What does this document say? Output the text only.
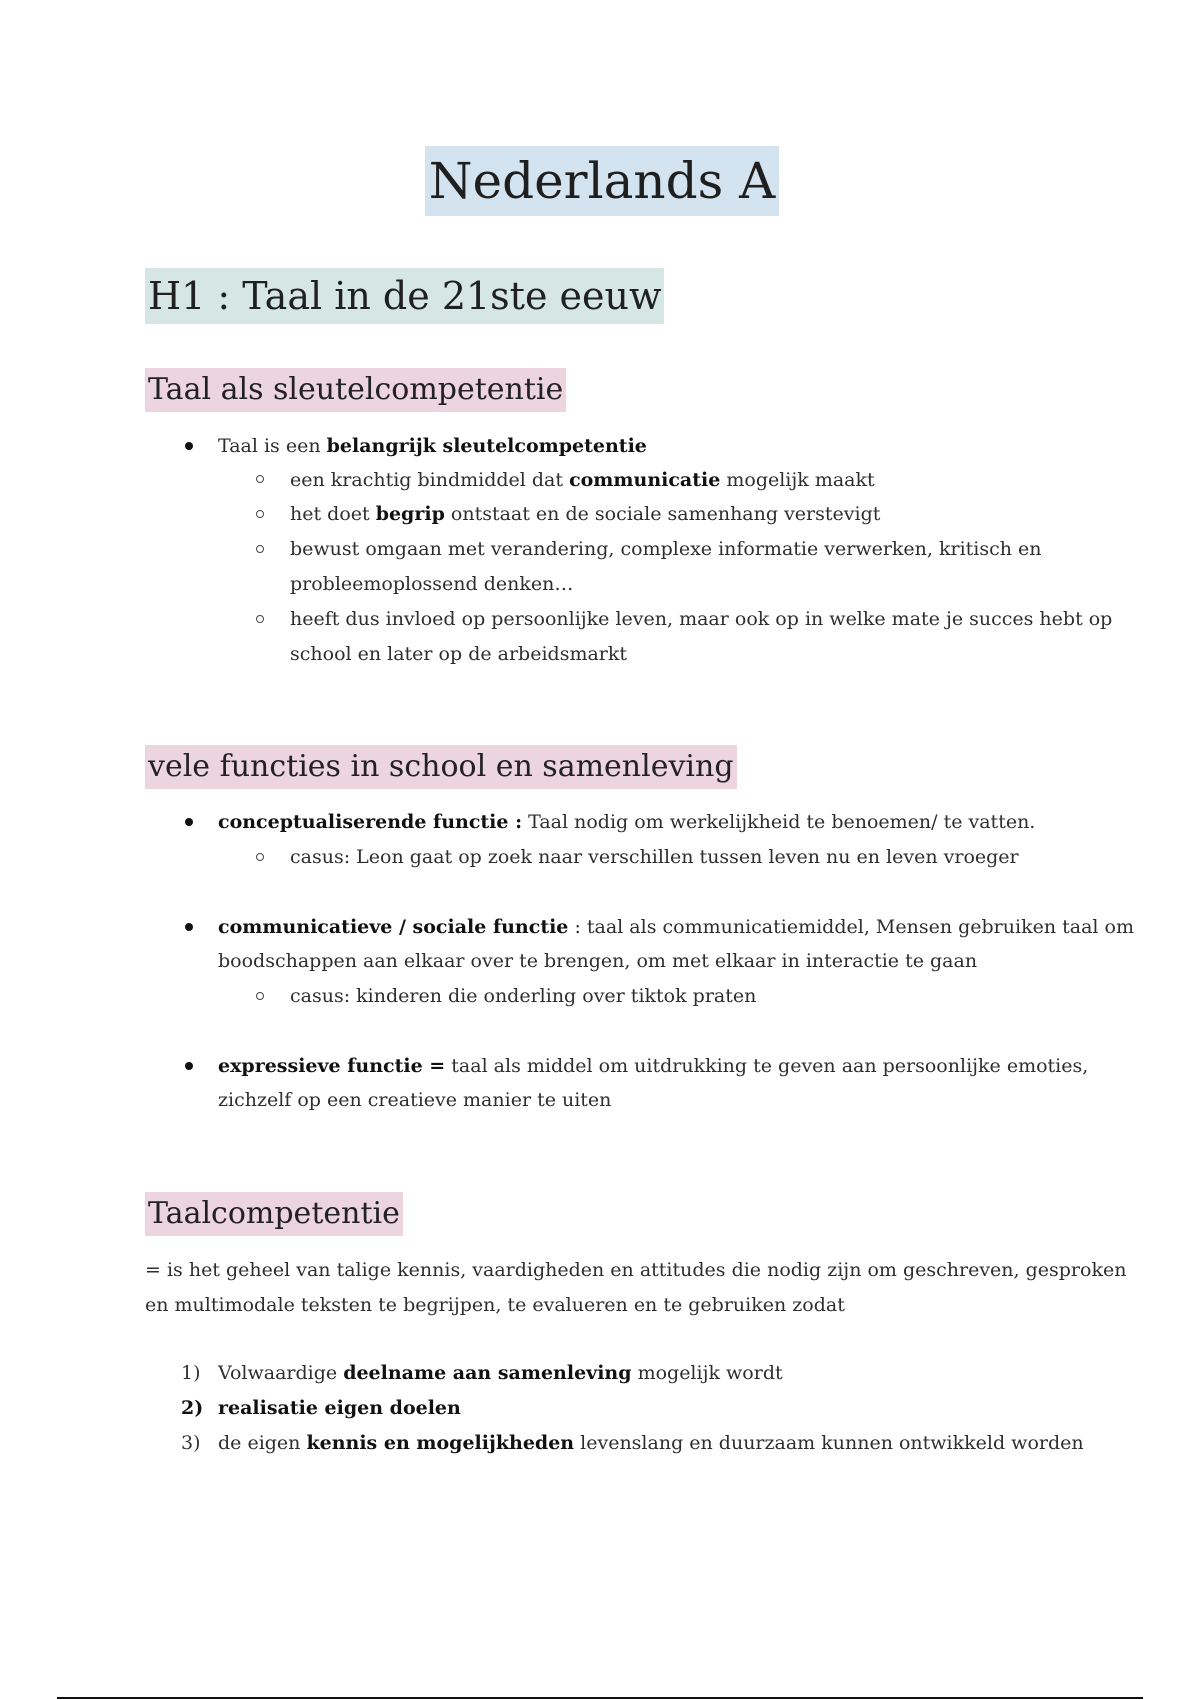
Nederlands A
H1 : Taal in de 21ste eeuw
Taal als sleutelcompetentie
Taal is een belangrijk sleutelcompetentie
een krachtig bindmiddel dat communicatie mogelijk maakt
het doet begrip ontstaat en de sociale samenhang verstevigt
bewust omgaan met verandering, complexe informatie verwerken, kritisch en
probleemoplossend denken…
heeft dus invloed op persoonlijke leven, maar ook op in welke mate je succes hebt op
school en later op de arbeidsmarkt
vele functies in school en samenleving
conceptualiserende functie : Taal nodig om werkelijkheid te benoemen/ te vatten.
casus: Leon gaat op zoek naar verschillen tussen leven nu en leven vroeger
communicatieve / sociale functie : taal als communicatiemiddel, Mensen gebruiken taal om
boodschappen aan elkaar over te brengen, om met elkaar in interactie te gaan
casus: kinderen die onderling over tiktok praten
expressieve functie = taal als middel om uitdrukking te geven aan persoonlijke emoties,
zichzelf op een creatieve manier te uiten
Taalcompetentie
= is het geheel van talige kennis, vaardigheden en attitudes die nodig zijn om geschreven, gesproken
en multimodale teksten te begrijpen, te evalueren en te gebruiken zodat
1) Volwaardige deelname aan samenleving mogelijk wordt
2) realisatie eigen doelen
3) de eigen kennis en mogelijkheden levenslang en duurzaam kunnen ontwikkeld worden
